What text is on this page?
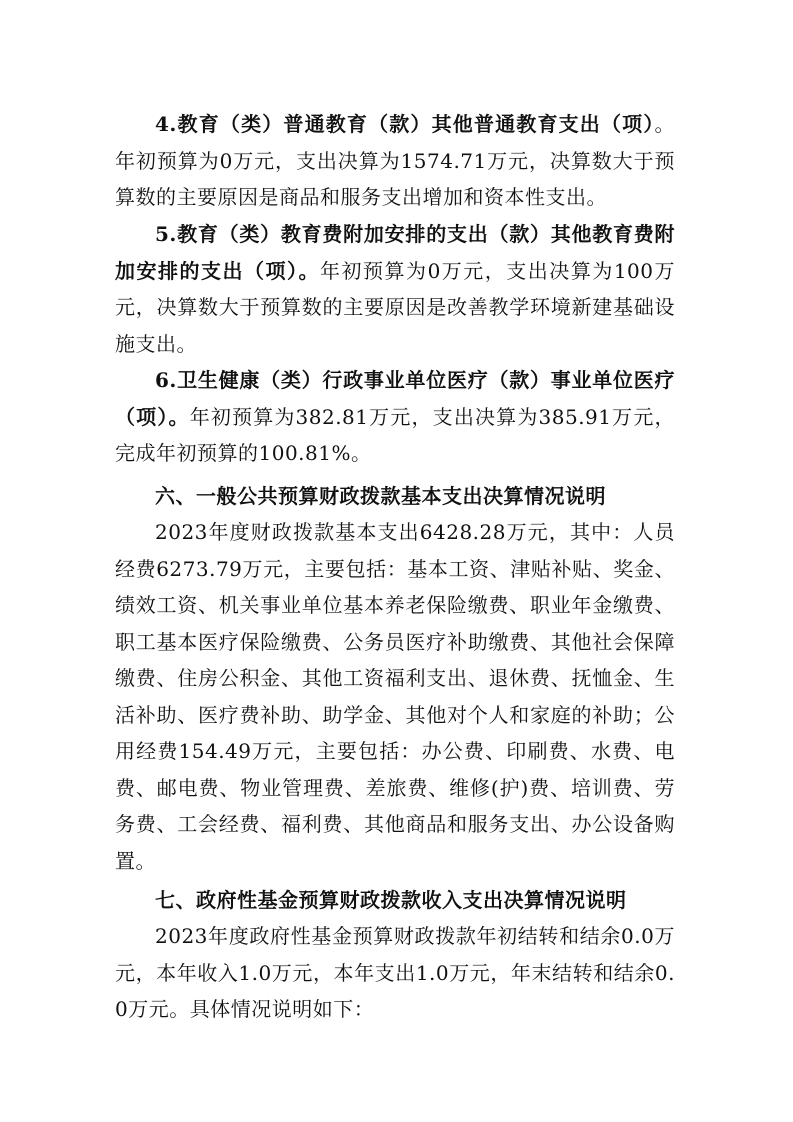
4.教育（类）普通教育（款）其他普通教育支出（项）。年初预算为0万元，支出决算为1574.71万元，决算数大于预算数的主要原因是商品和服务支出增加和资本性支出。
5.教育（类）教育费附加安排的支出（款）其他教育费附加安排的支出（项）。年初预算为0万元，支出决算为100万元，决算数大于预算数的主要原因是改善教学环境新建基础设施支出。
6.卫生健康（类）行政事业单位医疗（款）事业单位医疗（项）。年初预算为382.81万元，支出决算为385.91万元，完成年初预算的100.81%。
六、一般公共预算财政拨款基本支出决算情况说明
2023年度财政拨款基本支出6428.28万元，其中：人员经费6273.79万元，主要包括：基本工资、津贴补贴、奖金、绩效工资、机关事业单位基本养老保险缴费、职业年金缴费、职工基本医疗保险缴费、公务员医疗补助缴费、其他社会保障缴费、住房公积金、其他工资福利支出、退休费、抚恤金、生活补助、医疗费补助、助学金、其他对个人和家庭的补助；公用经费154.49万元，主要包括：办公费、印刷费、水费、电费、邮电费、物业管理费、差旅费、维修(护)费、培训费、劳务费、工会经费、福利费、其他商品和服务支出、办公设备购置。
七、政府性基金预算财政拨款收入支出决算情况说明
2023年度政府性基金预算财政拨款年初结转和结余0.0万元，本年收入1.0万元，本年支出1.0万元，年末结转和结余0.0万元。具体情况说明如下：
